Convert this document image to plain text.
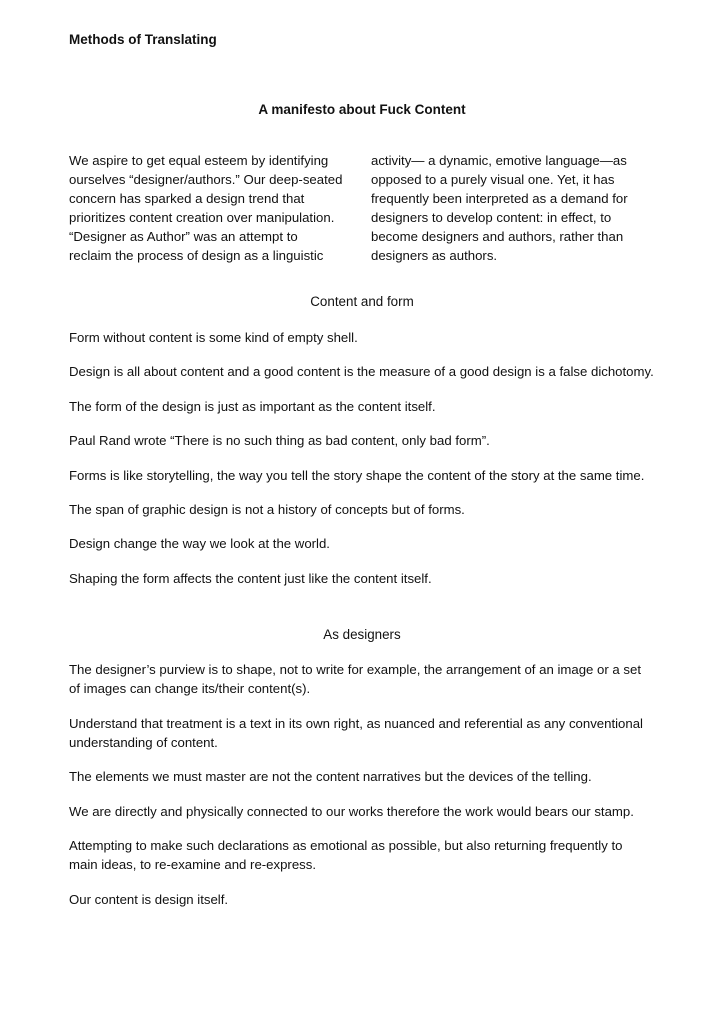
Methods of Translating
A manifesto about Fuck Content

We aspire to get equal esteem by identifying
ourselves “designer/authors.” Our deep-seated
concern has sparked a design trend that
prioritizes content creation over manipulation.
“Designer as Author” was an attempt to
reclaim the process of design as a linguistic

activity— a dynamic, emotive language—as
opposed to a purely visual one. Yet, it has
frequently been interpreted as a demand for
designers to develop content: in effect, to
become designers and authors, rather than
designers as authors.

Content and form
Form without content is some kind of empty shell.
Design is all about content and a good content is the measure of a good design is a false dichotomy.
The form of the design is just as important as the content itself.
Paul Rand wrote “There is no such thing as bad content, only bad form”.
Forms is like storytelling, the way you tell the story shape the content of the story at the same time.
The span of graphic design is not a history of concepts but of forms.
Design change the way we look at the world.
Shaping the form affects the content just like the content itself.
As designers
The designer’s purview is to shape, not to write for example, the arrangement of an image or a set
of images can change its/their content(s).
Understand that treatment is a text in its own right, as nuanced and referential as any conventional
understanding of content.
The elements we must master are not the content narratives but the devices of the telling.
We are directly and physically connected to our works therefore the work would bears our stamp.
Attempting to make such declarations as emotional as possible, but also returning frequently to
main ideas, to re-examine and re-express.
Our content is design itself.
